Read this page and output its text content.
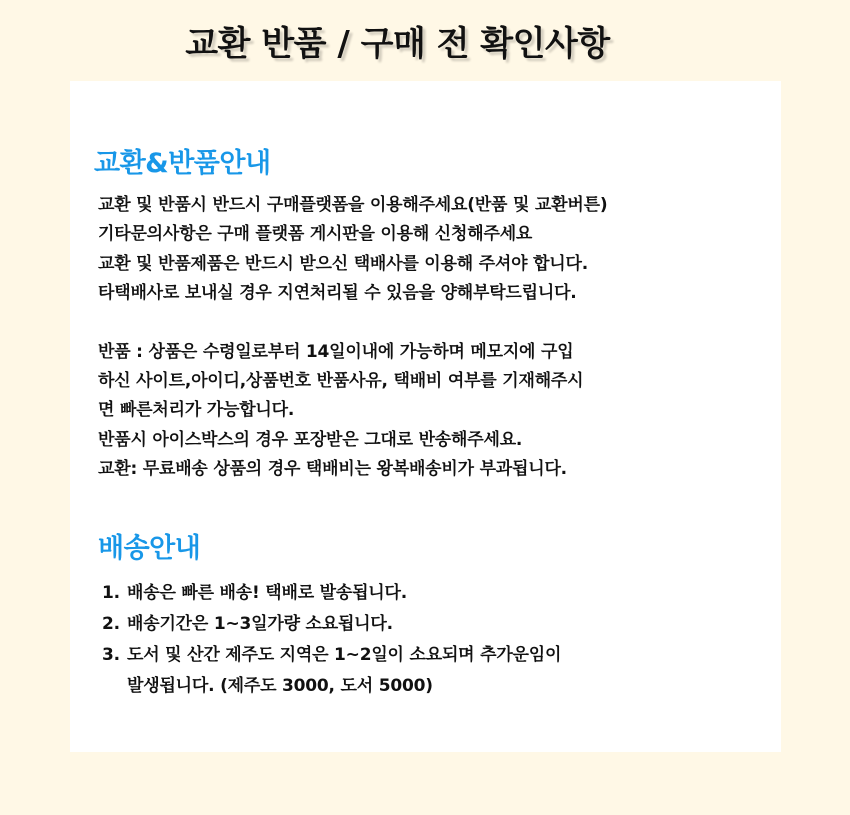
교환 반품 / 구매 전 확인사항
교환&반품안내

교환 및 반품시 반드시 구매플랫폼을 이용해주세요(반품 및 교환버튼)

기타문의사항은 구매 플랫폼 게시판을 이용해 신청해주세요

교환 및 반품제품은 반드시 받으신 택배사를 이용해 주셔야 합니다.

타택배사로 보내실 경우 지연처리될 수 있음을 양해부탁드립니다.

반품 : 상품은 수령일로부터 14일이내에 가능하며 메모지에 구입

하신 사이트,아이디,상품번호 반품사유, 택배비 여부를 기재해주시

면 빠른처리가 가능합니다.

반품시 아이스박스의 경우 포장받은 그대로 반송해주세요.

교환: 무료배송 상품의 경우 택배비는 왕복배송비가 부과됩니다.

배송안내
1. 배송은 빠른 배송! 택배로 발송됩니다.
2. 배송기간은 1~3일가량 소요됩니다.
3. 도서 및 산간 제주도 지역은 1~2일이 소요되며 추가운임이
발생됩니다. (제주도 3000, 도서 5000)
